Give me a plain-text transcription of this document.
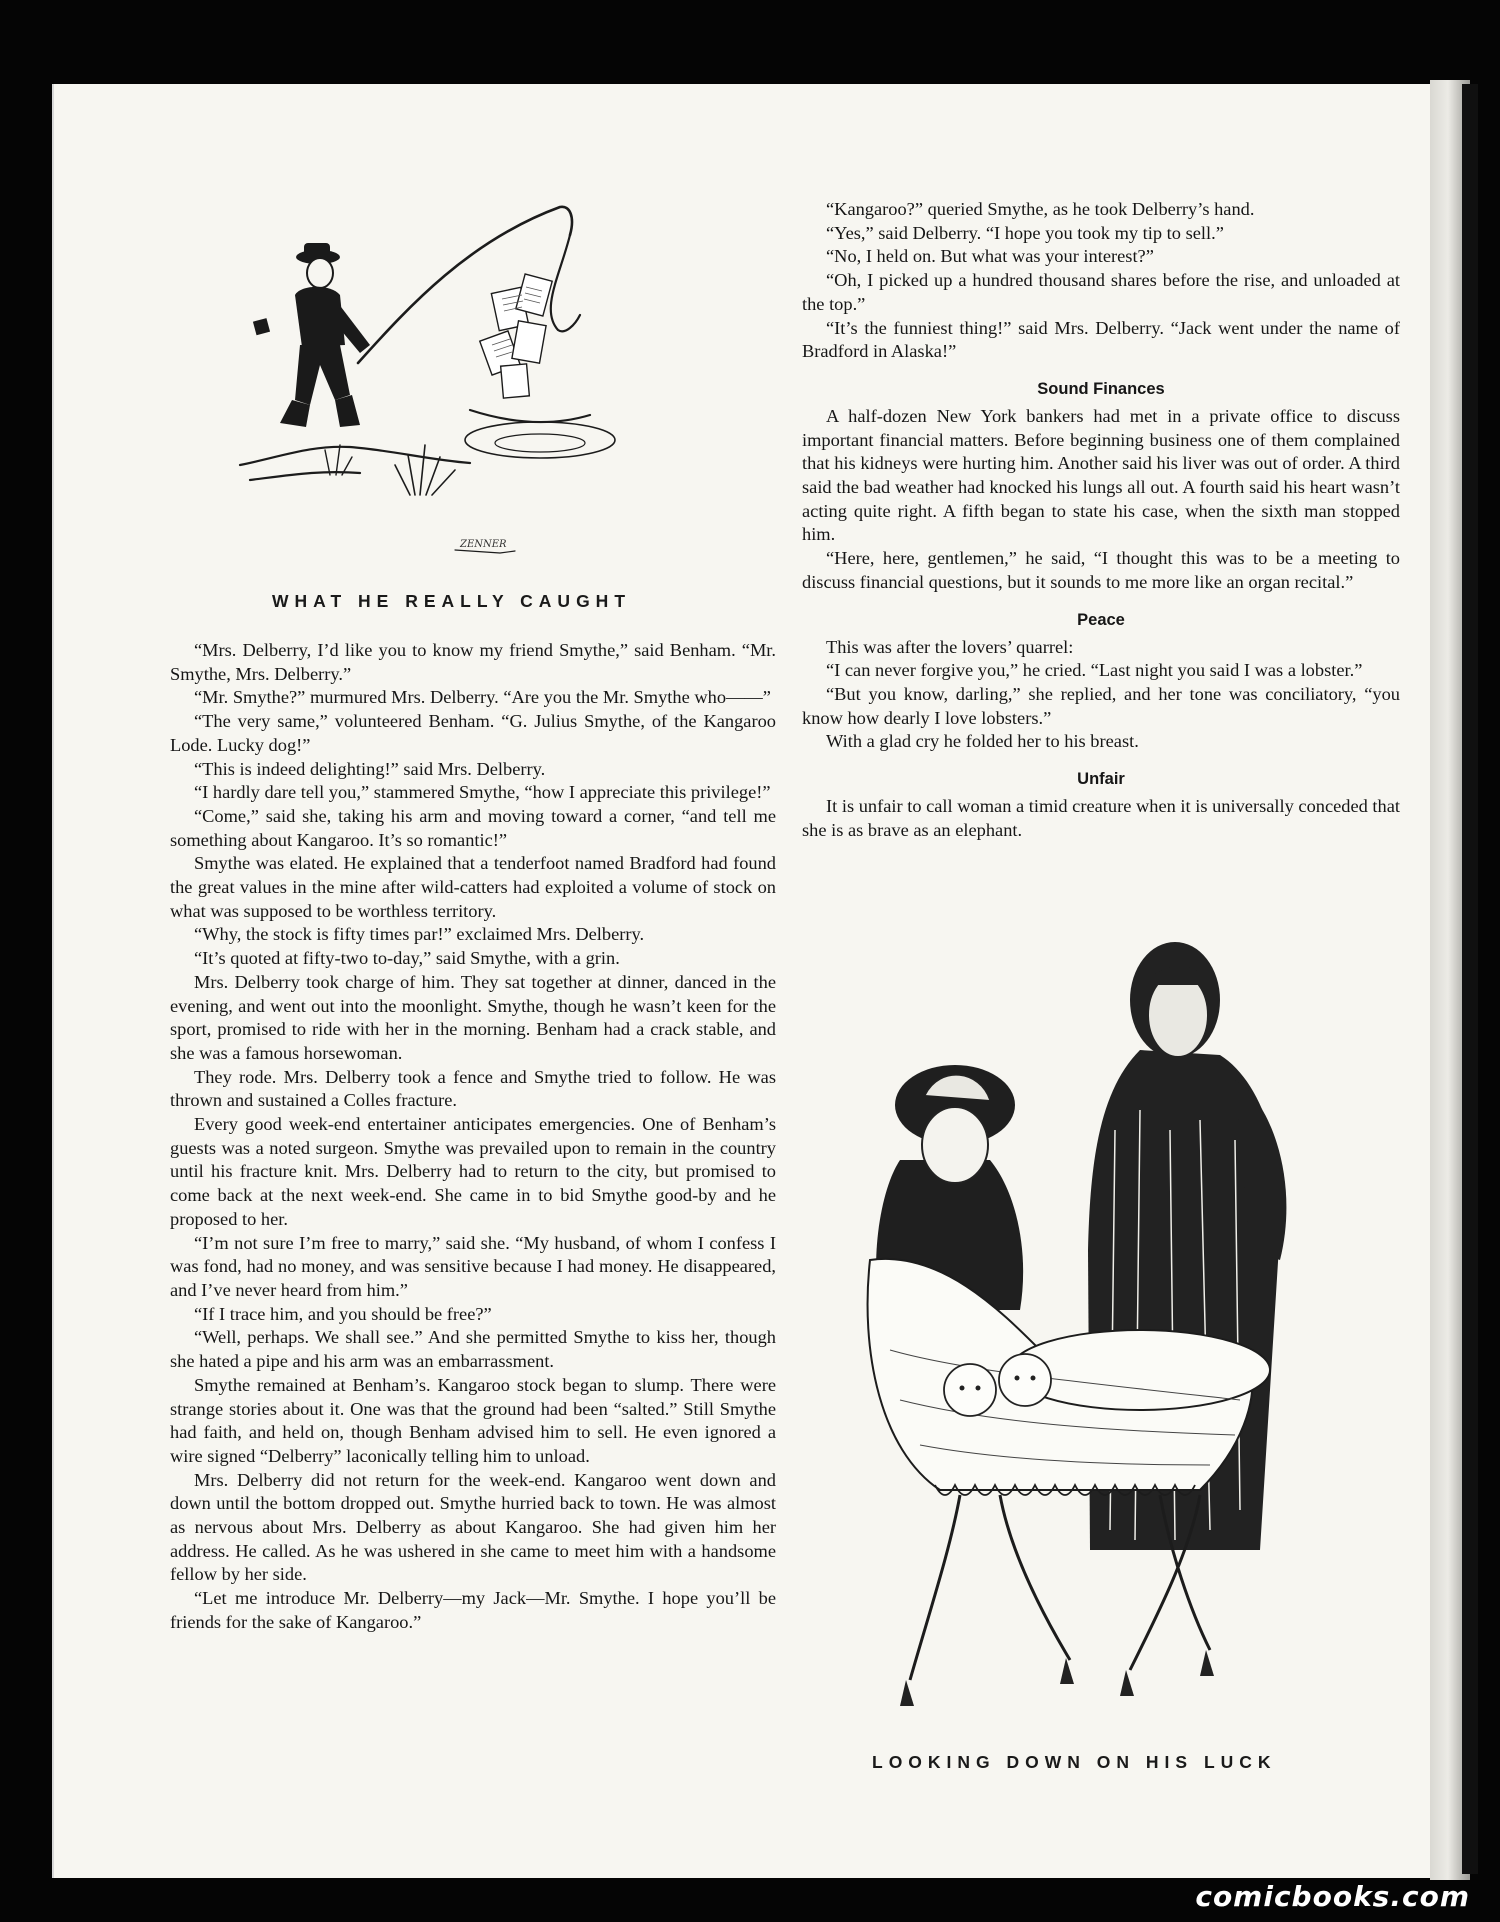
ZENNER
WHAT HE REALLY CAUGHT

“Mrs. Delberry, I’d like you to know my friend Smythe,” said Benham. “Mr. Smythe, Mrs. Delberry.”

“Mr. Smythe?” murmured Mrs. Delberry. “Are you the Mr. Smythe who——”

“The very same,” volunteered Benham. “G. Julius Smythe, of the Kangaroo Lode. Lucky dog!”

“This is indeed delighting!” said Mrs. Delberry.

“I hardly dare tell you,” stammered Smythe, “how I appreciate this privilege!”

“Come,” said she, taking his arm and moving toward a corner, “and tell me something about Kangaroo. It’s so romantic!”

Smythe was elated. He explained that a tenderfoot named Bradford had found the great values in the mine after wild-catters had exploited a volume of stock on what was supposed to be worthless territory.

“Why, the stock is fifty times par!” exclaimed Mrs. Delberry.

“It’s quoted at fifty-two to-day,” said Smythe, with a grin.

Mrs. Delberry took charge of him. They sat together at dinner, danced in the evening, and went out into the moonlight. Smythe, though he wasn’t keen for the sport, promised to ride with her in the morning. Benham had a crack stable, and she was a famous horsewoman.

They rode. Mrs. Delberry took a fence and Smythe tried to follow. He was thrown and sustained a Colles fracture.

Every good week-end entertainer anticipates emergencies. One of Benham’s guests was a noted surgeon. Smythe was prevailed upon to remain in the country until his fracture knit. Mrs. Delberry had to return to the city, but promised to come back at the next week-end. She came in to bid Smythe good-by and he proposed to her.

“I’m not sure I’m free to marry,” said she. “My husband, of whom I confess I was fond, had no money, and was sensitive because I had money. He disappeared, and I’ve never heard from him.”

“If I trace him, and you should be free?”

“Well, perhaps. We shall see.” And she permitted Smythe to kiss her, though she hated a pipe and his arm was an embarrassment.

Smythe remained at Benham’s. Kangaroo stock began to slump. There were strange stories about it. One was that the ground had been “salted.” Still Smythe had faith, and held on, though Benham advised him to sell. He even ignored a wire signed “Delberry” laconically telling him to unload.

Mrs. Delberry did not return for the week-end. Kangaroo went down and down until the bottom dropped out. Smythe hurried back to town. He was almost as nervous about Mrs. Delberry as about Kangaroo. She had given him her address. He called. As he was ushered in she came to meet him with a handsome fellow by her side.

“Let me introduce Mr. Delberry—my Jack—Mr. Smythe. I hope you’ll be friends for the sake of Kangaroo.”

“Kangaroo?” queried Smythe, as he took Delberry’s hand.

“Yes,” said Delberry. “I hope you took my tip to sell.”

“No, I held on. But what was your interest?”

“Oh, I picked up a hundred thousand shares before the rise, and unloaded at the top.”

“It’s the funniest thing!” said Mrs. Delberry. “Jack went under the name of Bradford in Alaska!”

Sound Finances

A half-dozen New York bankers had met in a private office to discuss important financial matters. Before beginning business one of them complained that his kidneys were hurting him. Another said his liver was out of order. A third said the bad weather had knocked his lungs all out. A fourth said his heart wasn’t acting quite right. A fifth began to state his case, when the sixth man stopped him.

“Here, here, gentlemen,” he said, “I thought this was to be a meeting to discuss financial questions, but it sounds to me more like an organ recital.”

Peace

This was after the lovers’ quarrel:

“I can never forgive you,” he cried. “Last night you said I was a lobster.”

“But you know, darling,” she replied, and her tone was conciliatory, “you know how dearly I love lobsters.”

With a glad cry he folded her to his breast.

Unfair

It is unfair to call woman a timid creature when it is universally conceded that she is as brave as an elephant.

LOOKING DOWN ON HIS LUCK
comicbooks.com
